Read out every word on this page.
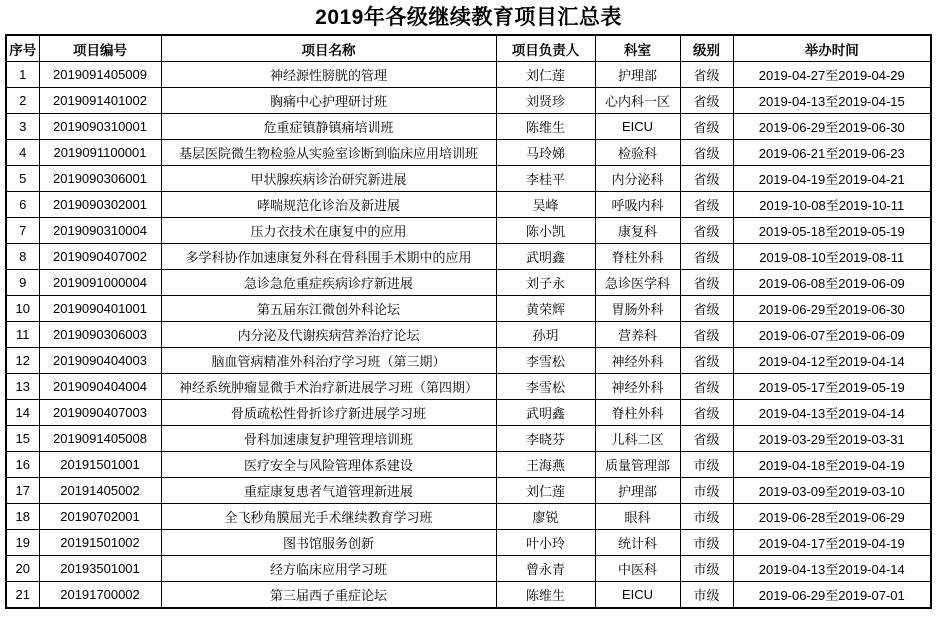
2019年各级继续教育项目汇总表
序号	项目编号	项目名称	项目负责人	科室	级别	举办时间
1	2019091405009	神经源性膀胱的管理	刘仁莲	护理部	省级	2019-04-27至2019-04-29
2	2019091401002	胸痛中心护理研讨班	刘贤珍	心内科一区	省级	2019-04-13至2019-04-15
3	2019090310001	危重症镇静镇痛培训班	陈维生	EICU	省级	2019-06-29至2019-06-30
4	2019091100001	基层医院微生物检验从实验室诊断到临床应用培训班	马玲娣	检验科	省级	2019-06-21至2019-06-23
5	2019090306001	甲状腺疾病诊治研究新进展	李桂平	内分泌科	省级	2019-04-19至2019-04-21
6	2019090302001	哮喘规范化诊治及新进展	吴峰	呼吸内科	省级	2019-10-08至2019-10-11
7	2019090310004	压力衣技术在康复中的应用	陈小凯	康复科	省级	2019-05-18至2019-05-19
8	2019090407002	多学科协作加速康复外科在骨科围手术期中的应用	武明鑫	脊柱外科	省级	2019-08-10至2019-08-11
9	2019091000004	急诊急危重症疾病诊疗新进展	刘子永	急诊医学科	省级	2019-06-08至2019-06-09
10	2019090401001	第五届东江微创外科论坛	黄荣辉	胃肠外科	省级	2019-06-29至2019-06-30
11	2019090306003	内分泌及代谢疾病营养治疗论坛	孙玥	营养科	省级	2019-06-07至2019-06-09
12	2019090404003	脑血管病精准外科治疗学习班（第三期）	李雪松	神经外科	省级	2019-04-12至2019-04-14
13	2019090404004	神经系统肿瘤显微手术治疗新进展学习班（第四期）	李雪松	神经外科	省级	2019-05-17至2019-05-19
14	2019090407003	骨质疏松性骨折诊疗新进展学习班	武明鑫	脊柱外科	省级	2019-04-13至2019-04-14
15	2019091405008	骨科加速康复护理管理培训班	李晓芬	儿科二区	省级	2019-03-29至2019-03-31
16	20191501001	医疗安全与风险管理体系建设	王海燕	质量管理部	市级	2019-04-18至2019-04-19
17	20191405002	重症康复患者气道管理新进展	刘仁莲	护理部	市级	2019-03-09至2019-03-10
18	20190702001	全飞秒角膜屈光手术继续教育学习班	廖锐	眼科	市级	2019-06-28至2019-06-29
19	20191501002	图书馆服务创新	叶小玲	统计科	市级	2019-04-17至2019-04-19
20	20193501001	经方临床应用学习班	曾永青	中医科	市级	2019-04-13至2019-04-14
21	20191700002	第三届西子重症论坛	陈维生	EICU	市级	2019-06-29至2019-07-01
